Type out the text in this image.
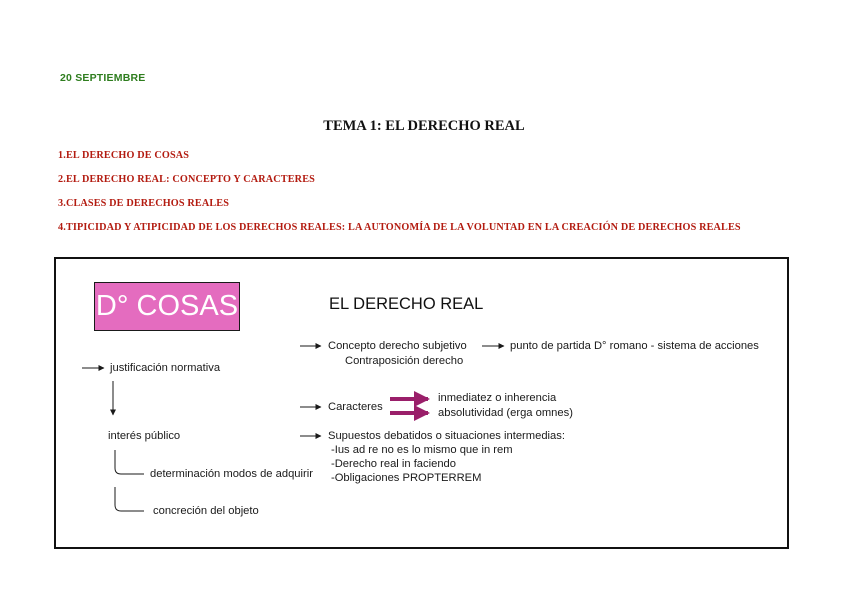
20 SEPTIEMBRE
TEMA 1: EL DERECHO REAL
1.EL DERECHO DE COSAS
2.EL DERECHO REAL: CONCEPTO Y CARACTERES
3.CLASES DE DERECHOS REALES
4.TIPICIDAD Y ATIPICIDAD DE LOS DERECHOS REALES: LA AUTONOMÍA DE LA VOLUNTAD EN LA CREACIÓN DE DERECHOS REALES
D° COSAS	EL DERECHO REAL
justificación normativa
interés público
determinación modos de adquirir
concreción del objeto
Concepto derecho subjetivo
Contraposición derecho
punto de partida D° romano - sistema de acciones
Caracteres
inmediatez o inherencia
absolutividad (erga omnes)
Supuestos debatidos o situaciones intermedias:
-Ius ad re no es lo mismo que in rem
-Derecho real in faciendo
-Obligaciones PROPTERREM
